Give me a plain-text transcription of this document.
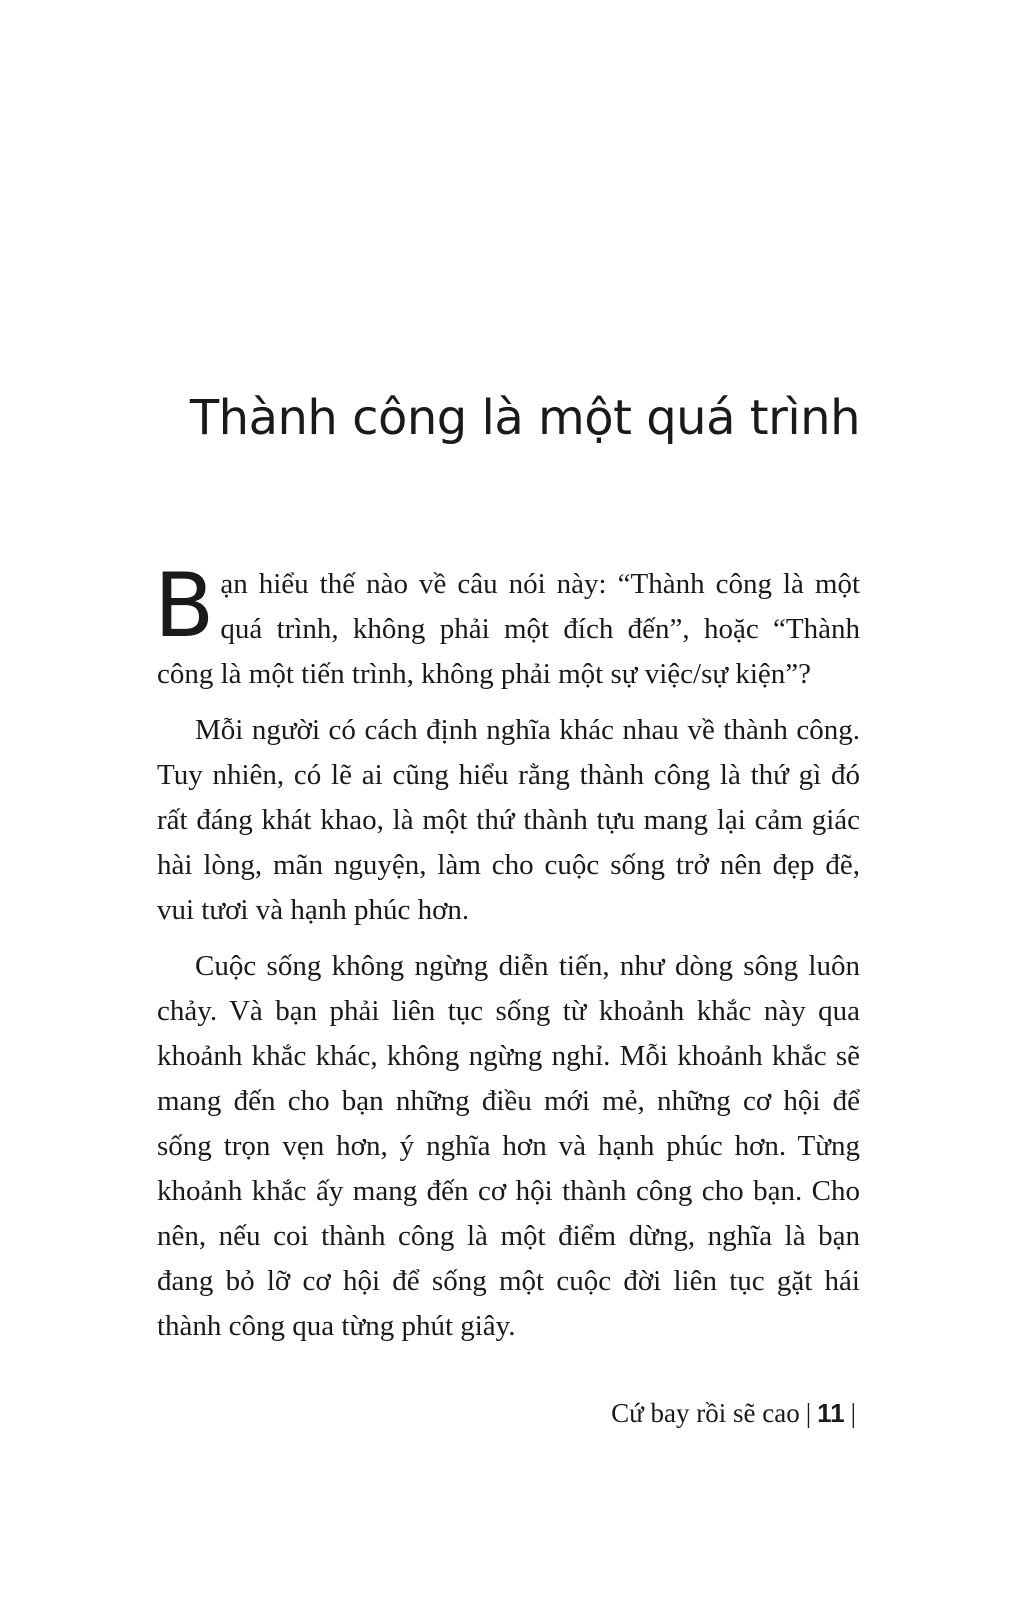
Thành công là một quá trình

Bạn hiểu thế nào về câu nói này: “Thành công là một quá trình, không phải một đích đến”, hoặc “Thành công là một tiến trình, không phải một sự việc/sự kiện”?

Mỗi người có cách định nghĩa khác nhau về thành công. Tuy nhiên, có lẽ ai cũng hiểu rằng thành công là thứ gì đó rất đáng khát khao, là một thứ thành tựu mang lại cảm giác hài lòng, mãn nguyện, làm cho cuộc sống trở nên đẹp đẽ, vui tươi và hạnh phúc hơn.

Cuộc sống không ngừng diễn tiến, như dòng sông luôn chảy. Và bạn phải liên tục sống từ khoảnh khắc này qua khoảnh khắc khác, không ngừng nghỉ. Mỗi khoảnh khắc sẽ mang đến cho bạn những điều mới mẻ, những cơ hội để sống trọn vẹn hơn, ý nghĩa hơn và hạnh phúc hơn. Từng khoảnh khắc ấy mang đến cơ hội thành công cho bạn. Cho nên, nếu coi thành công là một điểm dừng, nghĩa là bạn đang bỏ lỡ cơ hội để sống một cuộc đời liên tục gặt hái thành công qua từng phút giây.

Cứ bay rồi sẽ cao | 11 |
